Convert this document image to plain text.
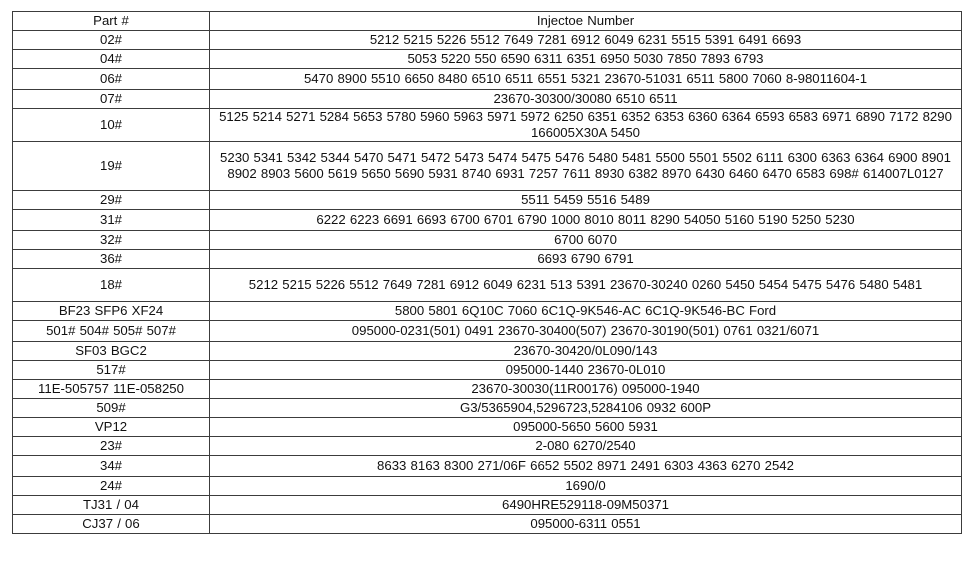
Part #	Injectoe Number
02#	5212 5215 5226 5512 7649 7281 6912 6049 6231 5515 5391 6491 6693
04#	5053 5220 550 6590 6311 6351 6950 5030 7850 7893 6793
06#	5470 8900 5510 6650 8480 6510 6511 6551 5321 23670-51031 6511 5800 7060 8-98011604-1
07#	23670-30300/30080 6510 6511
10#	5125 5214 5271 5284 5653 5780 5960 5963 5971 5972 6250 6351 6352 6353 6360 6364 6593 6583 6971 6890 7172 8290 166005X30A 5450
19#	5230 5341 5342 5344 5470 5471 5472 5473 5474 5475 5476 5480 5481 5500 5501 5502 6111 6300 6363 6364 6900 8901 8902 8903 5600 5619 5650 5690 5931 8740 6931 7257 7611 8930 6382 8970 6430 6460 6470 6583 698# 614007L0127
29#	5511 5459 5516 5489
31#	6222 6223 6691 6693 6700 6701 6790 1000 8010 8011 8290 54050 5160 5190 5250 5230
32#	6700 6070
36#	6693 6790 6791
18#	5212 5215 5226 5512 7649 7281 6912 6049 6231 513 5391 23670-30240 0260 5450 5454 5475 5476 5480 5481
BF23 SFP6 XF24	5800 5801 6Q10C 7060 6C1Q-9K546-AC 6C1Q-9K546-BC Ford
501# 504# 505# 507#	095000-0231(501) 0491 23670-30400(507) 23670-30190(501) 0761 0321/6071
SF03 BGC2	23670-30420/0L090/143
517#	095000-1440 23670-0L010
11E-505757 11E-058250	23670-30030(11R00176) 095000-1940
509#	G3/5365904,5296723,5284106 0932 600P
VP12	095000-5650 5600 5931
23#	2-080 6270/2540
34#	8633 8163 8300 271/06F 6652 5502 8971 2491 6303 4363 6270 2542
24#	1690/0
TJ31 / 04	6490HRE529118-09M50371
CJ37 / 06	095000-6311 0551
